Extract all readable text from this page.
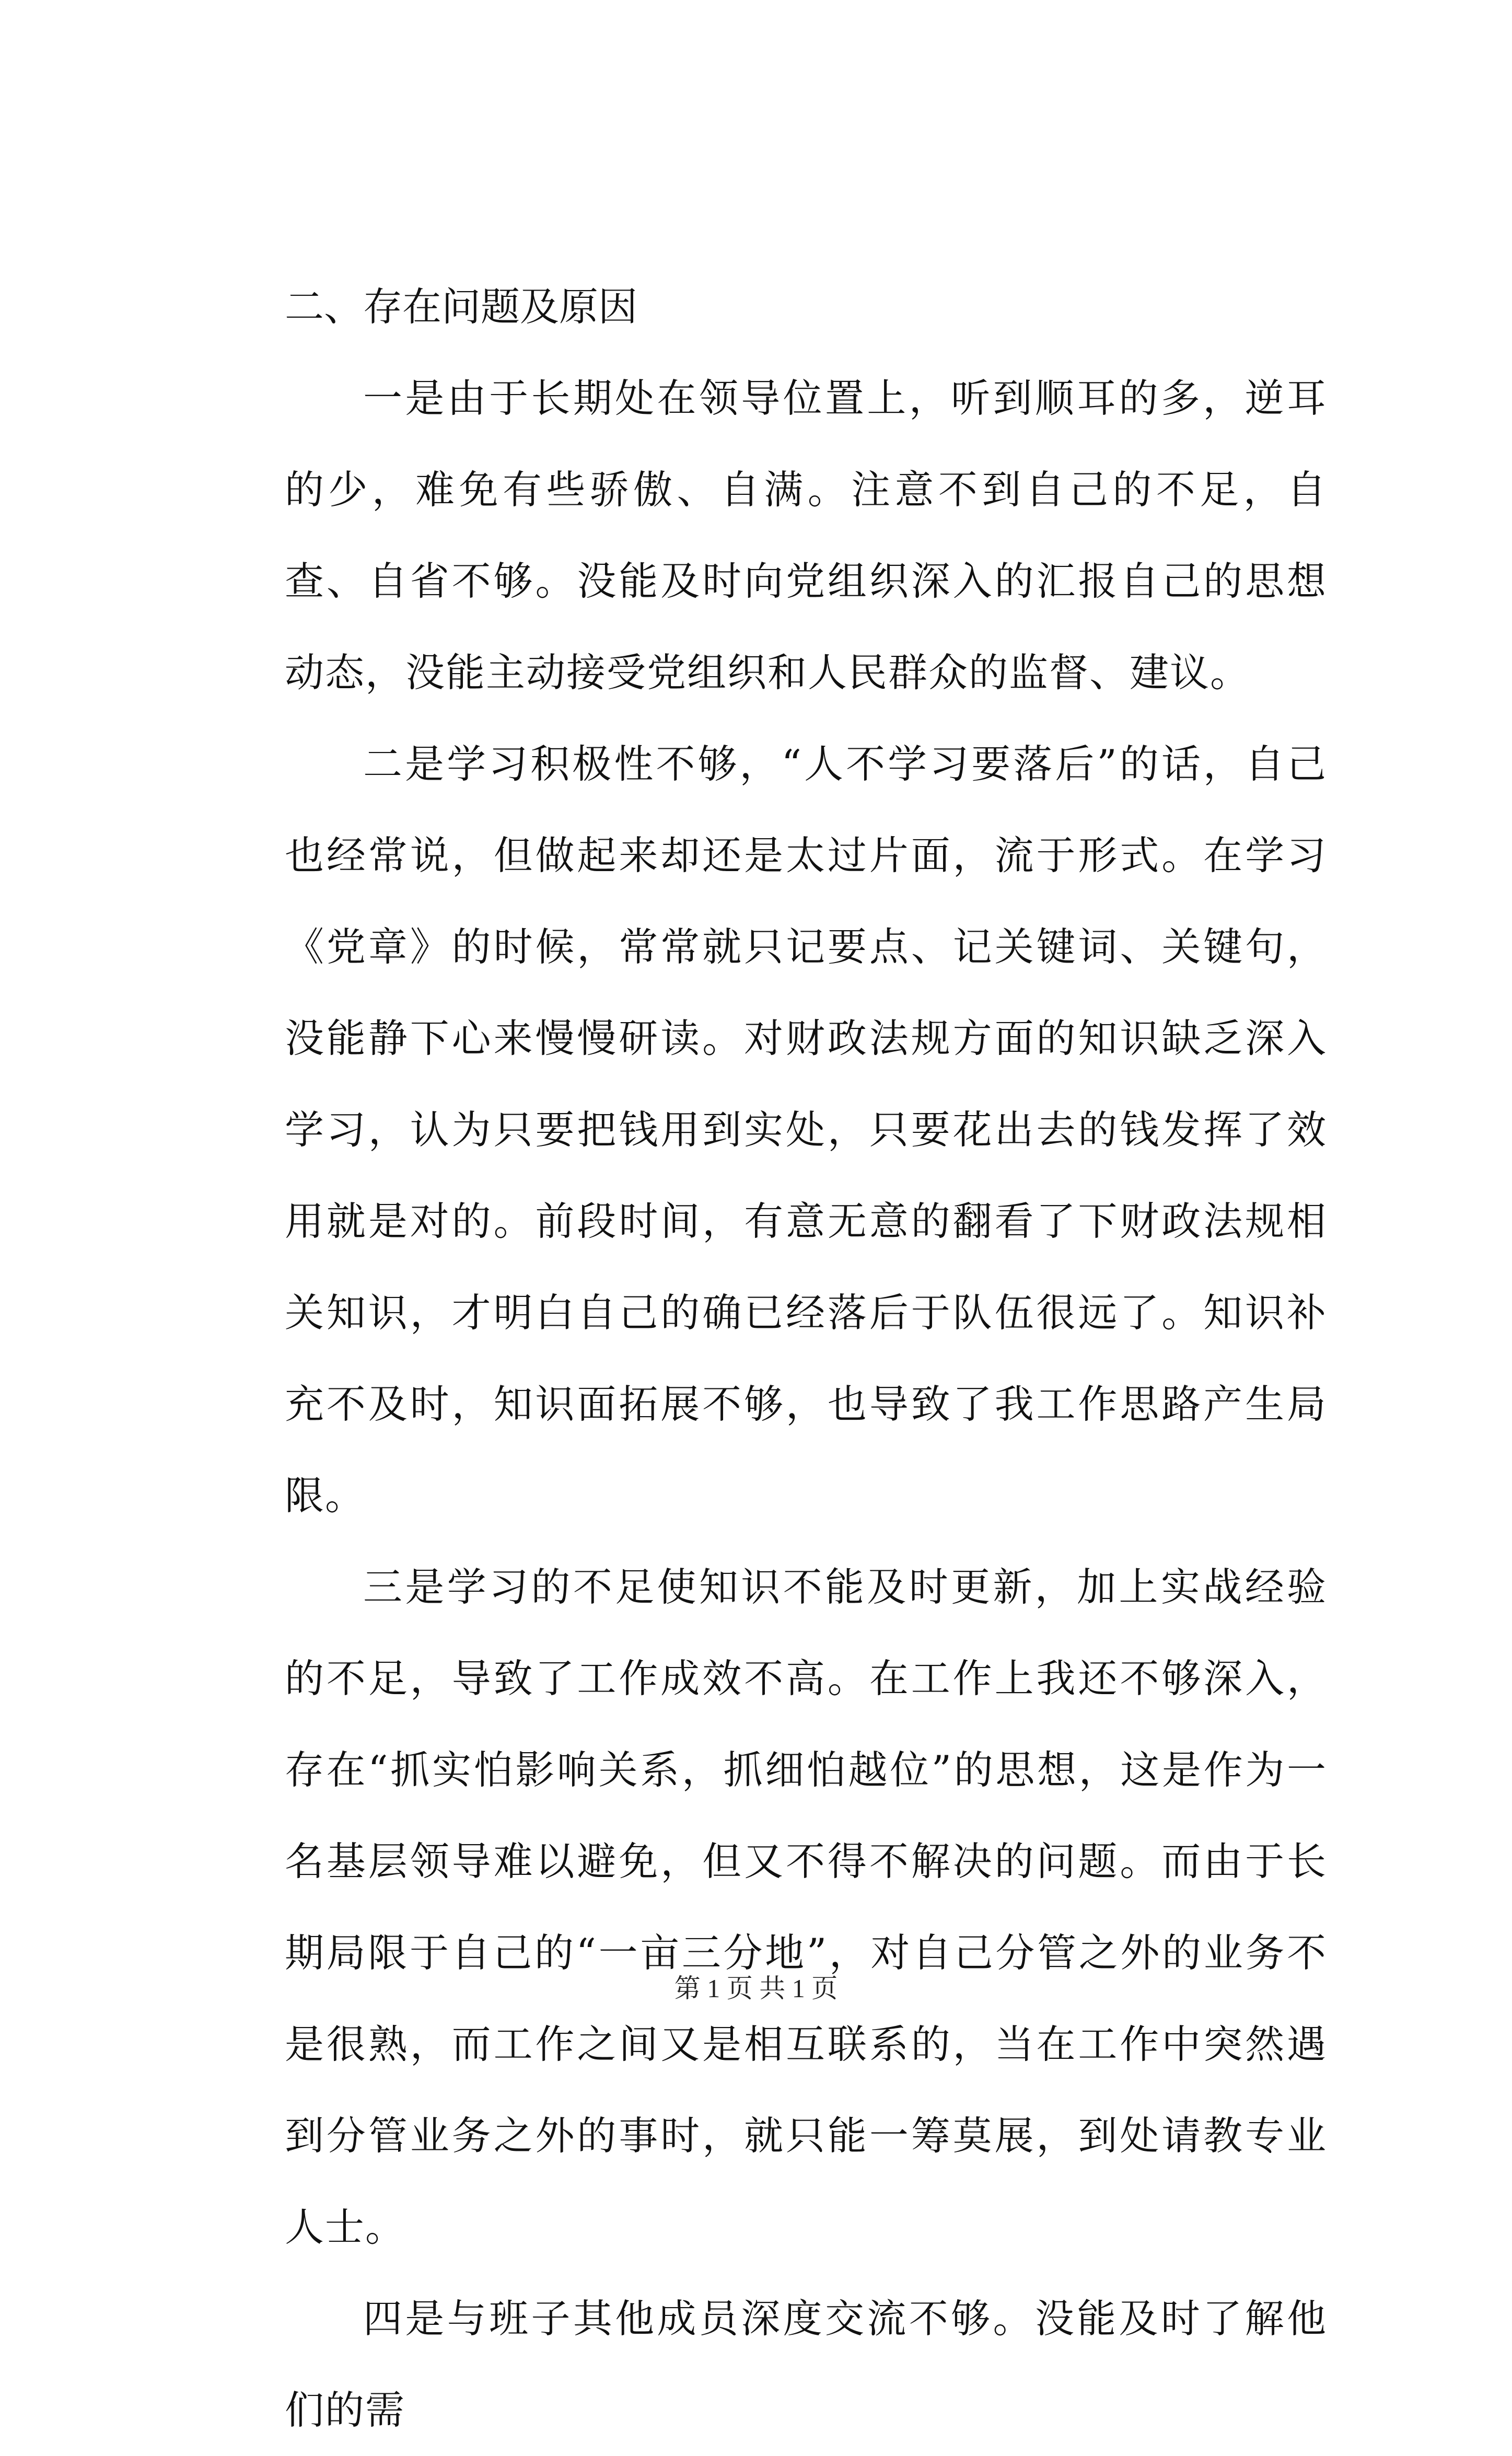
二、存在问题及原因

一是由于长期处在领导位置上，听到顺耳的多，逆耳的少，难免有些骄傲、自满。注意不到自己的不足，自查、自省不够。没能及时向党组织深入的汇报自己的思想动态，没能主动接受党组织和人民群众的监督、建议。

二是学习积极性不够，“人不学习要落后”的话，自己也经常说，但做起来却还是太过片面，流于形式。在学习《党章》的时候，常常就只记要点、记关键词、关键句，没能静下心来慢慢研读。对财政法规方面的知识缺乏深入学习，认为只要把钱用到实处，只要花出去的钱发挥了效用就是对的。前段时间，有意无意的翻看了下财政法规相关知识，才明白自己的确已经落后于队伍很远了。知识补充不及时，知识面拓展不够，也导致了我工作思路产生局限。

三是学习的不足使知识不能及时更新，加上实战经验的不足，导致了工作成效不高。在工作上我还不够深入，存在“抓实怕影响关系，抓细怕越位”的思想，这是作为一名基层领导难以避免，但又不得不解决的问题。而由于长期局限于自己的“一亩三分地”，对自己分管之外的业务不是很熟，而工作之间又是相互联系的，当在工作中突然遇到分管业务之外的事时，就只能一筹莫展，到处请教专业人士。

四是与班子其他成员深度交流不够。没能及时了解他们的需

第 1 页 共 1 页
